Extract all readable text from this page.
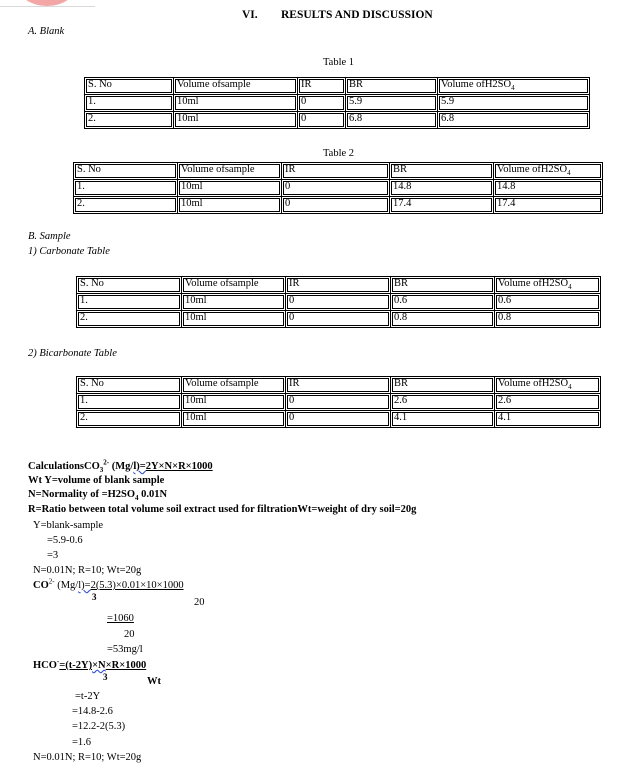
VI. RESULTS AND DISCUSSION
A. Blank
Table 1
S. No	Volume ofsample	IR	BR	Volume $ofH2SO_4$
1.	10ml	0	5.9	5.9
2.	10ml	0	6.8	6.8
Table 2
S. No	Volume ofsample	IR	BR	Volume $ofH2SO_4$
1.	10ml	0	14.8	14.8
2.	10ml	0	17.4	17.4
B. Sample
1) Carbonate Table
S. No	Volume ofsample	IR	BR	Volume $ofH2SO_4$
1.	10ml	0	0.6	0.6
2.	10ml	0	0.8	0.8
2) Bicarbonate Table
S. No	Volume ofsample	IR	BR	Volume $ofH2SO_4$
1.	10ml	0	2.6	2.6
2.	10ml	0	4.1	4.1
CalculationsCO$_3^{2-}$ (Mg/l)=2Y×N×R×1000
Wt Y=volume of blank sample
N=Normality of $=H2SO_4$ 0.01N
R=Ratio between total volume soil extract used for filtrationWt=weight of dry soil=20g
Y=blank-sample
=5.9-0.6
=3
N=0.01N; R=10; Wt=20g
$CO^{2-}$ (Mg/l)=2(5.3)×0.01×10×1000
3	20
=1060
20
=53mg/l
HCO-=(t-2Y)×N×R×1000
3	Wt
=t-2Y
=14.8-2.6
=12.2-2(5.3)
=1.6
N=0.01N; R=10; Wt=20g
